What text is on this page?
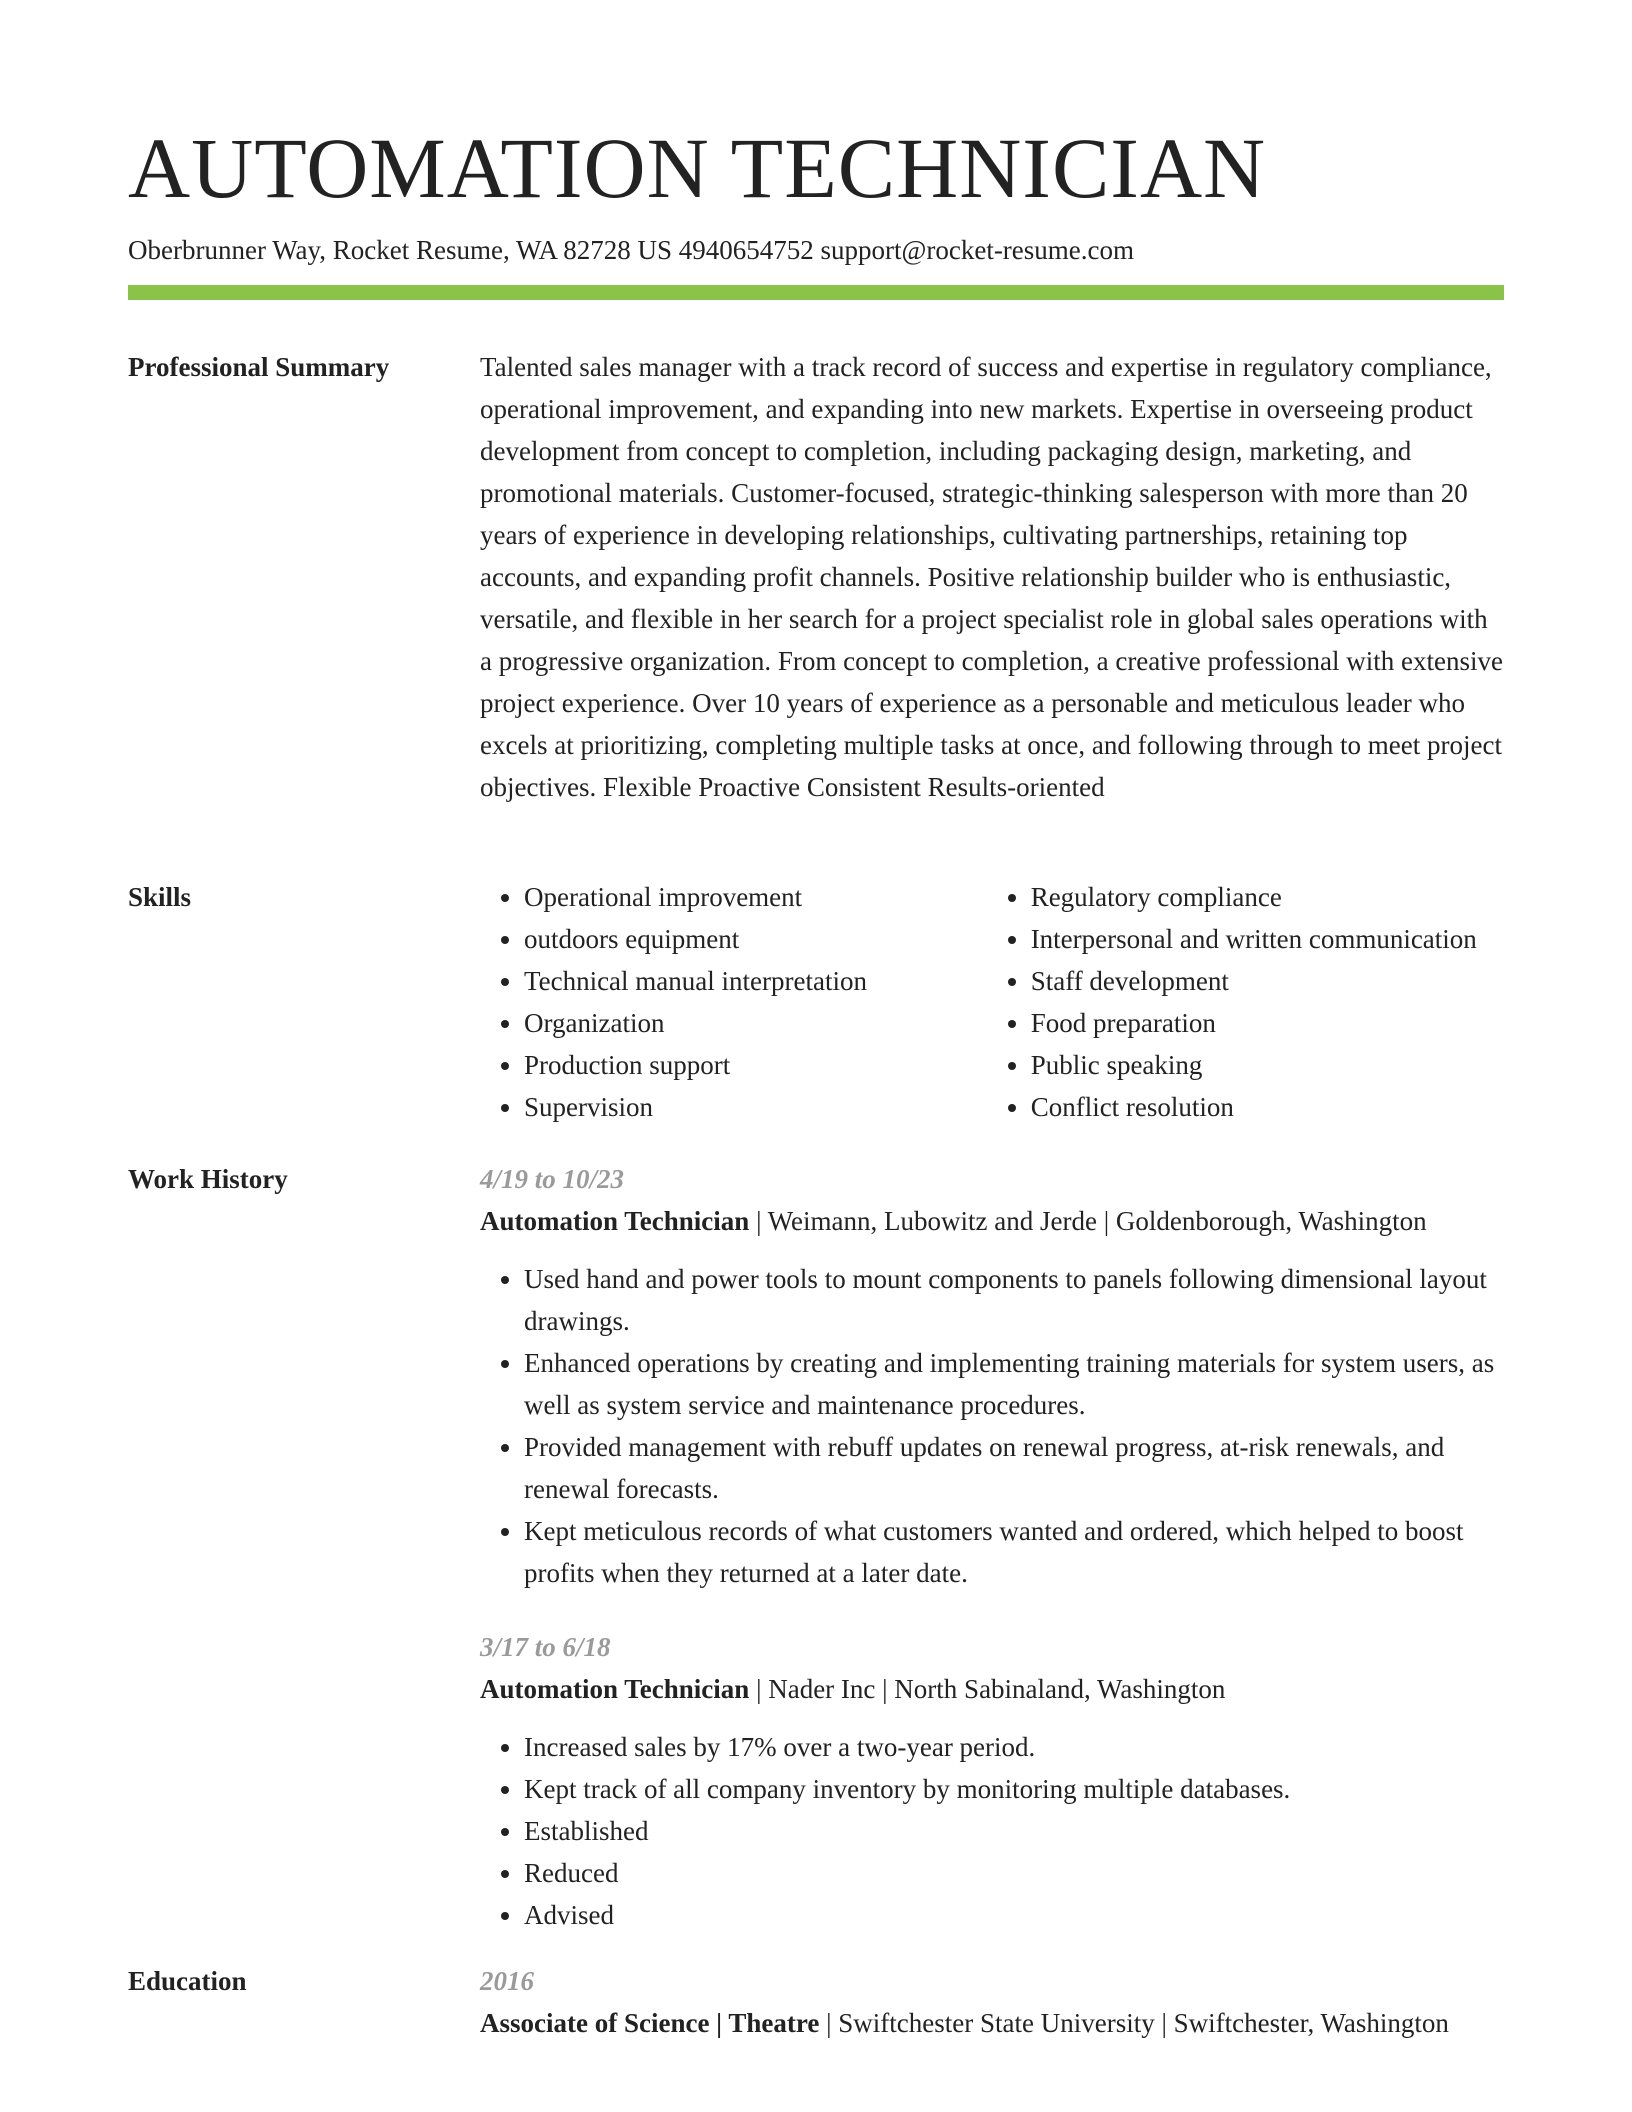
AUTOMATION TECHNICIAN
Oberbrunner Way, Rocket Resume, WA 82728 US 4940654752 support@rocket-resume.com
Professional Summary	Talented sales manager with a track record of success and expertise in regulatory compliance, operational improvement, and expanding into new markets. Expertise in overseeing product development from concept to completion, including packaging design, marketing, and promotional materials. Customer-focused, strategic-thinking salesperson with more than 20 years of experience in developing relationships, cultivating partnerships, retaining top accounts, and expanding profit channels. Positive relationship builder who is enthusiastic, versatile, and flexible in her search for a project specialist role in global sales operations with a progressive organization. From concept to completion, a creative professional with extensive project experience. Over 10 years of experience as a personable and meticulous leader who excels at prioritizing, completing multiple tasks at once, and following through to meet project objectives. Flexible Proactive Consistent Results-oriented

Skills
•	Operational improvement
• outdoors equipment
• Technical manual interpretation
• Organization
• Production support
• Supervision
• Regulatory compliance
• Interpersonal and written communication
• Staff development
• Food preparation
• Public speaking
• Conflict resolution
Work History	4/19 to 10/23
Automation Technician | Weimann, Lubowitz and Jerde | Goldenborough, Washington
• Used hand and power tools to mount components to panels following dimensional layout drawings.
• Enhanced operations by creating and implementing training materials for system users, as well as system service and maintenance procedures.
• Provided management with rebuff updates on renewal progress, at-risk renewals, and renewal forecasts.
• Kept meticulous records of what customers wanted and ordered, which helped to boost profits when they returned at a later date.
3/17 to 6/18
Automation Technician | Nader Inc | North Sabinaland, Washington
• Increased sales by 17% over a two-year period.
• Kept track of all company inventory by monitoring multiple databases.
• Established
• Reduced
• Advised
Education	2016
Associate of Science | Theatre | Swiftchester State University | Swiftchester, Washington
